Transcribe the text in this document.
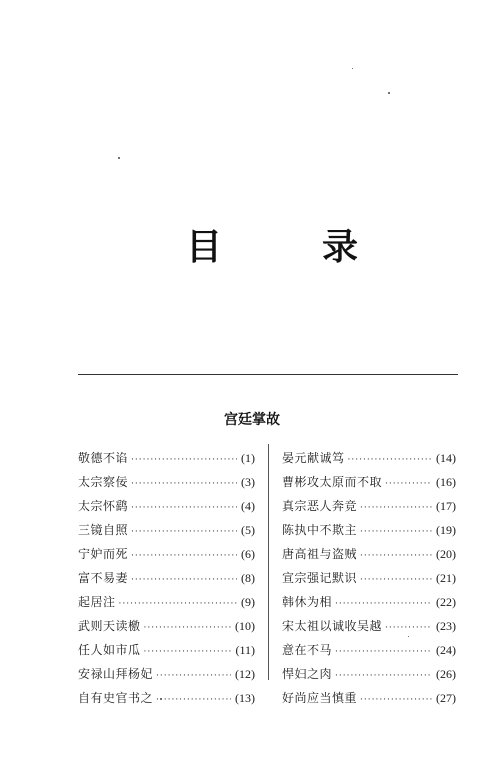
目	录
宫廷掌故
敬德不谄 ·····	(1)
太宗察佞 ·····	(3)
太宗怀鹞 ·····	(4)
三镜自照 ·····	(5)
宁妒而死 ·····	(6)
富不易妻 ·····	(8)
起居注 ·····	(9)
武则天读檄 ·····	(10)
任人如市瓜 ·····	(11)
安禄山拜杨妃 ·····	(12)
自有史官书之 ·····	(13)
晏元献诚笃 ·····	(14)
曹彬攻太原而不取 ·····	(16)
真宗恶人奔竞 ·····	(17)
陈执中不欺主 ·····	(19)
唐高祖与盗贼 ·····	(20)
宣宗强记默识 ·····	(21)
韩休为相 ·····	(22)
宋太祖以诚收吴越 ·····	(23)
意在不马 ·····	(24)
悍妇之肉 ·····	(26)
好尚应当慎重 ·····	(27)
